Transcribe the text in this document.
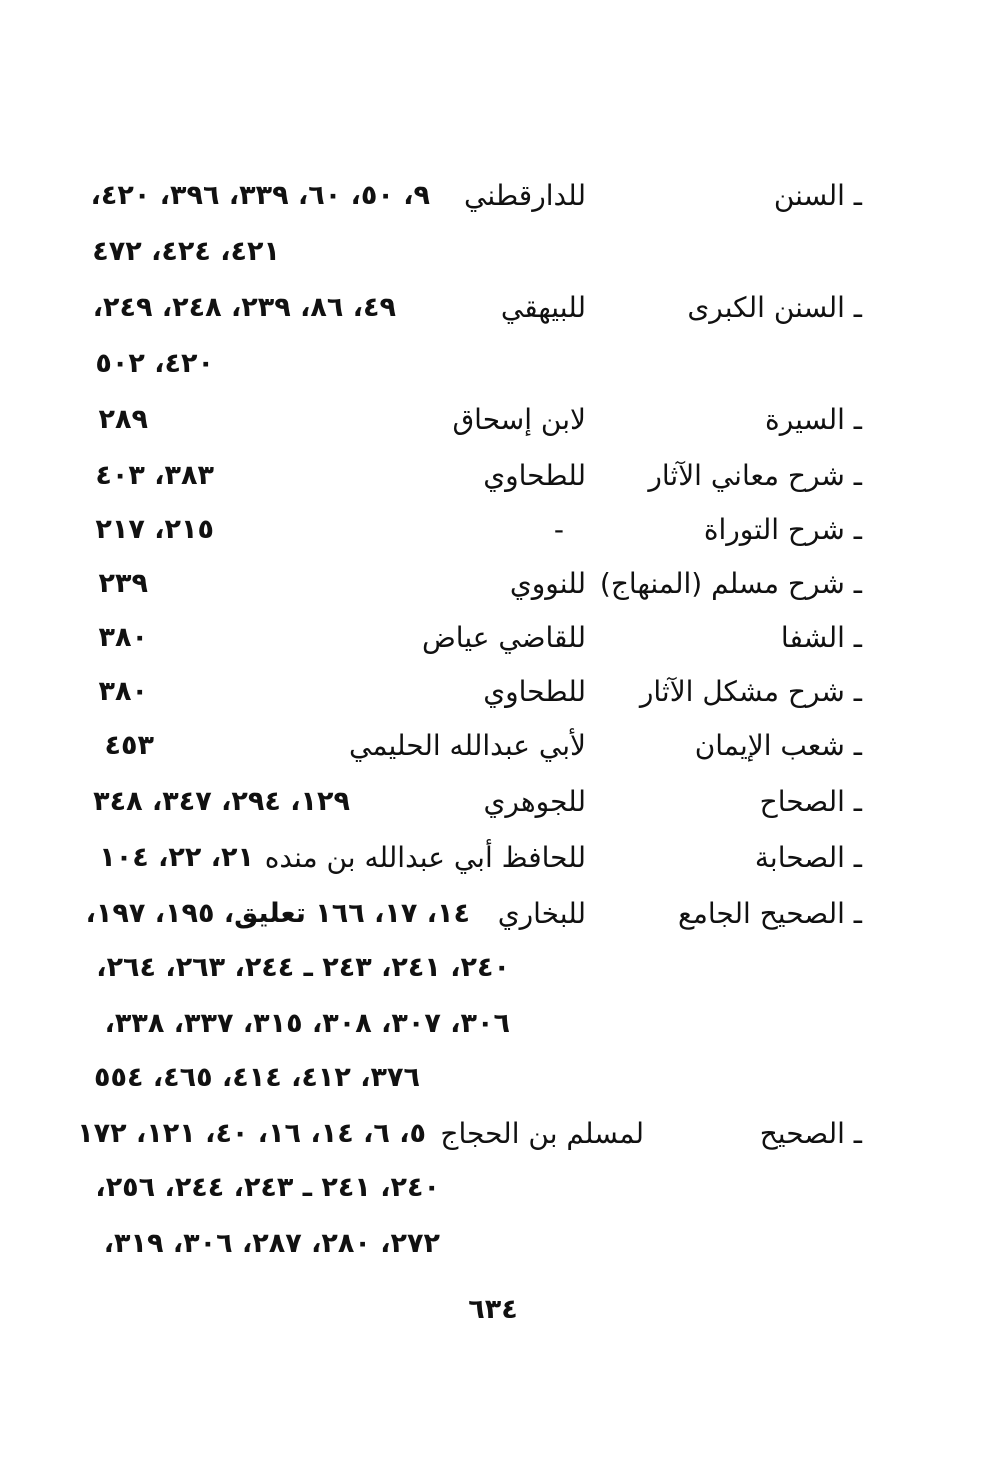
ـ السنن
للدارقطني
٩، ٥٠، ٦٠، ٣٣٩، ٣٩٦، ٤٢٠،
٤٢١، ٤٢٤، ٤٧٢
ـ السنن الكبرى
للبيهقي
٤٩، ٨٦، ٢٣٩، ٢٤٨، ٢٤٩،
٤٢٠، ٥٠٢
ـ السيرة
لابن إسحاق
٢٨٩
ـ شرح معاني الآثار
للطحاوي
٣٨٣، ٤٠٣
ـ شرح التوراة
-
٢١٥، ٢١٧
ـ شرح مسلم (المنهاج)
للنووي
٢٣٩
ـ الشفا
للقاضي عياض
٣٨٠
ـ شرح مشكل الآثار
للطحاوي
٣٨٠
ـ شعب الإيمان
لأبي عبدالله الحليمي
٤٥٣
ـ الصحاح
للجوهري
١٢٩، ٢٩٤، ٣٤٧، ٣٤٨
ـ الصحابة
للحافظ أبي عبدالله بن منده
٢١، ٢٢، ١٠٤
ـ الصحيح الجامع
للبخاري
١٤، ١٧، ١٦٦ تعليق، ١٩٥، ١٩٧،
٢٤٠، ٢٤١، ٢٤٣ ـ ٢٤٤، ٢٦٣، ٢٦٤،
٣٠٦، ٣٠٧، ٣٠٨، ٣١٥، ٣٣٧، ٣٣٨،
٣٧٦، ٤١٢، ٤١٤، ٤٦٥، ٥٥٤
ـ الصحيح
لمسلم بن الحجاج
٥، ٦، ١٤، ١٦، ٤٠، ١٢١، ١٧٢
٢٤٠، ٢٤١ ـ ٢٤٣، ٢٤٤، ٢٥٦،
٢٧٢، ٢٨٠، ٢٨٧، ٣٠٦، ٣١٩،
٦٣٤
